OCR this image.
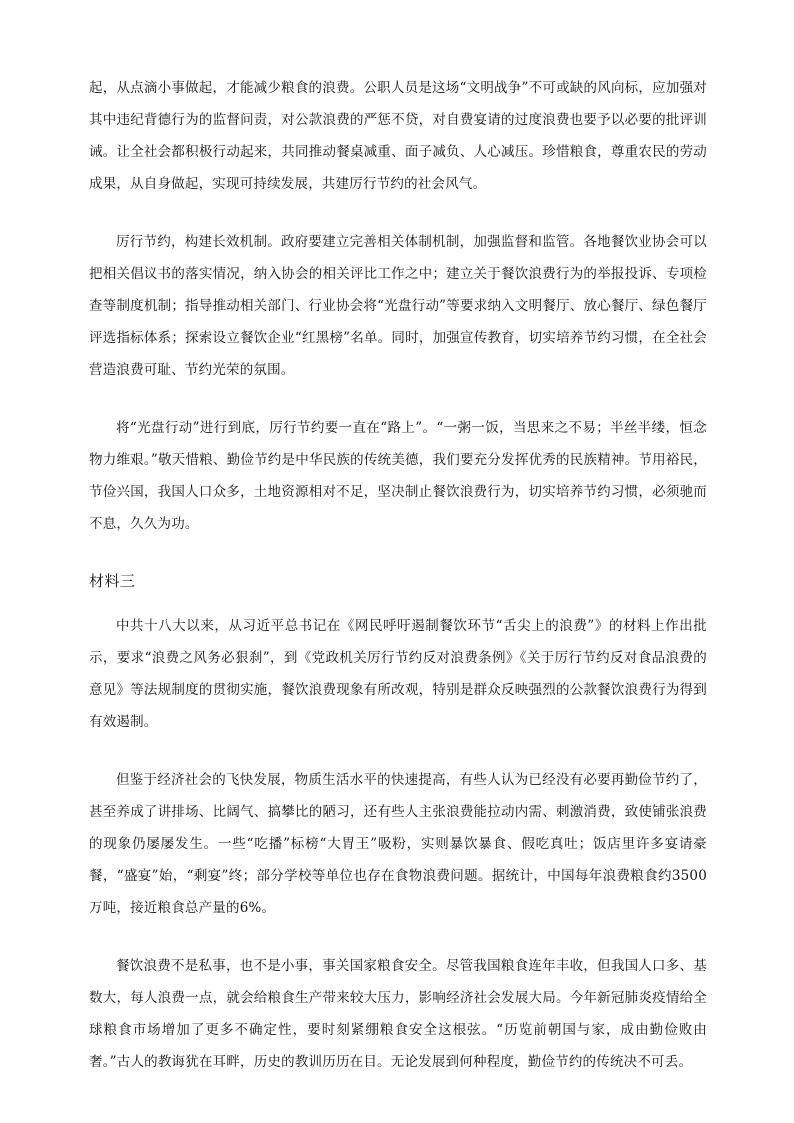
起，从点滴小事做起，才能减少粮食的浪费。公职人员是这场“文明战争”不可或缺的风向标，应加强对其中违纪背德行为的监督问责，对公款浪费的严惩不贷，对自费宴请的过度浪费也要予以必要的批评训诫。让全社会都积极行动起来，共同推动餐桌减重、面子减负、人心减压。珍惜粮食，尊重农民的劳动成果，从自身做起，实现可持续发展，共建厉行节约的社会风气。

厉行节约，构建长效机制。政府要建立完善相关体制机制，加强监督和监管。各地餐饮业协会可以把相关倡议书的落实情况，纳入协会的相关评比工作之中；建立关于餐饮浪费行为的举报投诉、专项检查等制度机制；指导推动相关部门、行业协会将“光盘行动”等要求纳入文明餐厅、放心餐厅、绿色餐厅评选指标体系；探索设立餐饮企业“红黑榜”名单。同时，加强宣传教育，切实培养节约习惯，在全社会营造浪费可耻、节约光荣的氛围。

将“光盘行动”进行到底，厉行节约要一直在“路上”。“一粥一饭，当思来之不易；半丝半缕，恒念物力维艰。”敬天惜粮、勤俭节约是中华民族的传统美德，我们要充分发挥优秀的民族精神。节用裕民，节俭兴国，我国人口众多，土地资源相对不足，坚决制止餐饮浪费行为，切实培养节约习惯，必须驰而不息，久久为功。

材料三

中共十八大以来，从习近平总书记在《网民呼吁遏制餐饮环节“舌尖上的浪费”》的材料上作出批示，要求“浪费之风务必狠刹”，到《党政机关厉行节约反对浪费条例》《关于厉行节约反对食品浪费的意见》等法规制度的贯彻实施，餐饮浪费现象有所改观，特别是群众反映强烈的公款餐饮浪费行为得到有效遏制。

但鉴于经济社会的飞快发展，物质生活水平的快速提高，有些人认为已经没有必要再勤俭节约了，甚至养成了讲排场、比阔气、搞攀比的陋习，还有些人主张浪费能拉动内需、刺激消费，致使铺张浪费的现象仍屡屡发生。一些“吃播”标榜“大胃王”吸粉，实则暴饮暴食、假吃真吐；饭店里许多宴请豪餐，“盛宴”始，“剩宴”终；部分学校等单位也存在食物浪费问题。据统计，中国每年浪费粮食约3500万吨，接近粮食总产量的6%。

餐饮浪费不是私事，也不是小事，事关国家粮食安全。尽管我国粮食连年丰收，但我国人口多、基数大，每人浪费一点，就会给粮食生产带来较大压力，影响经济社会发展大局。今年新冠肺炎疫情给全球粮食市场增加了更多不确定性，要时刻紧绷粮食安全这根弦。“历览前朝国与家，成由勤俭败由奢。”古人的教诲犹在耳畔，历史的教训历历在目。无论发展到何种程度，勤俭节约的传统决不可丢。
